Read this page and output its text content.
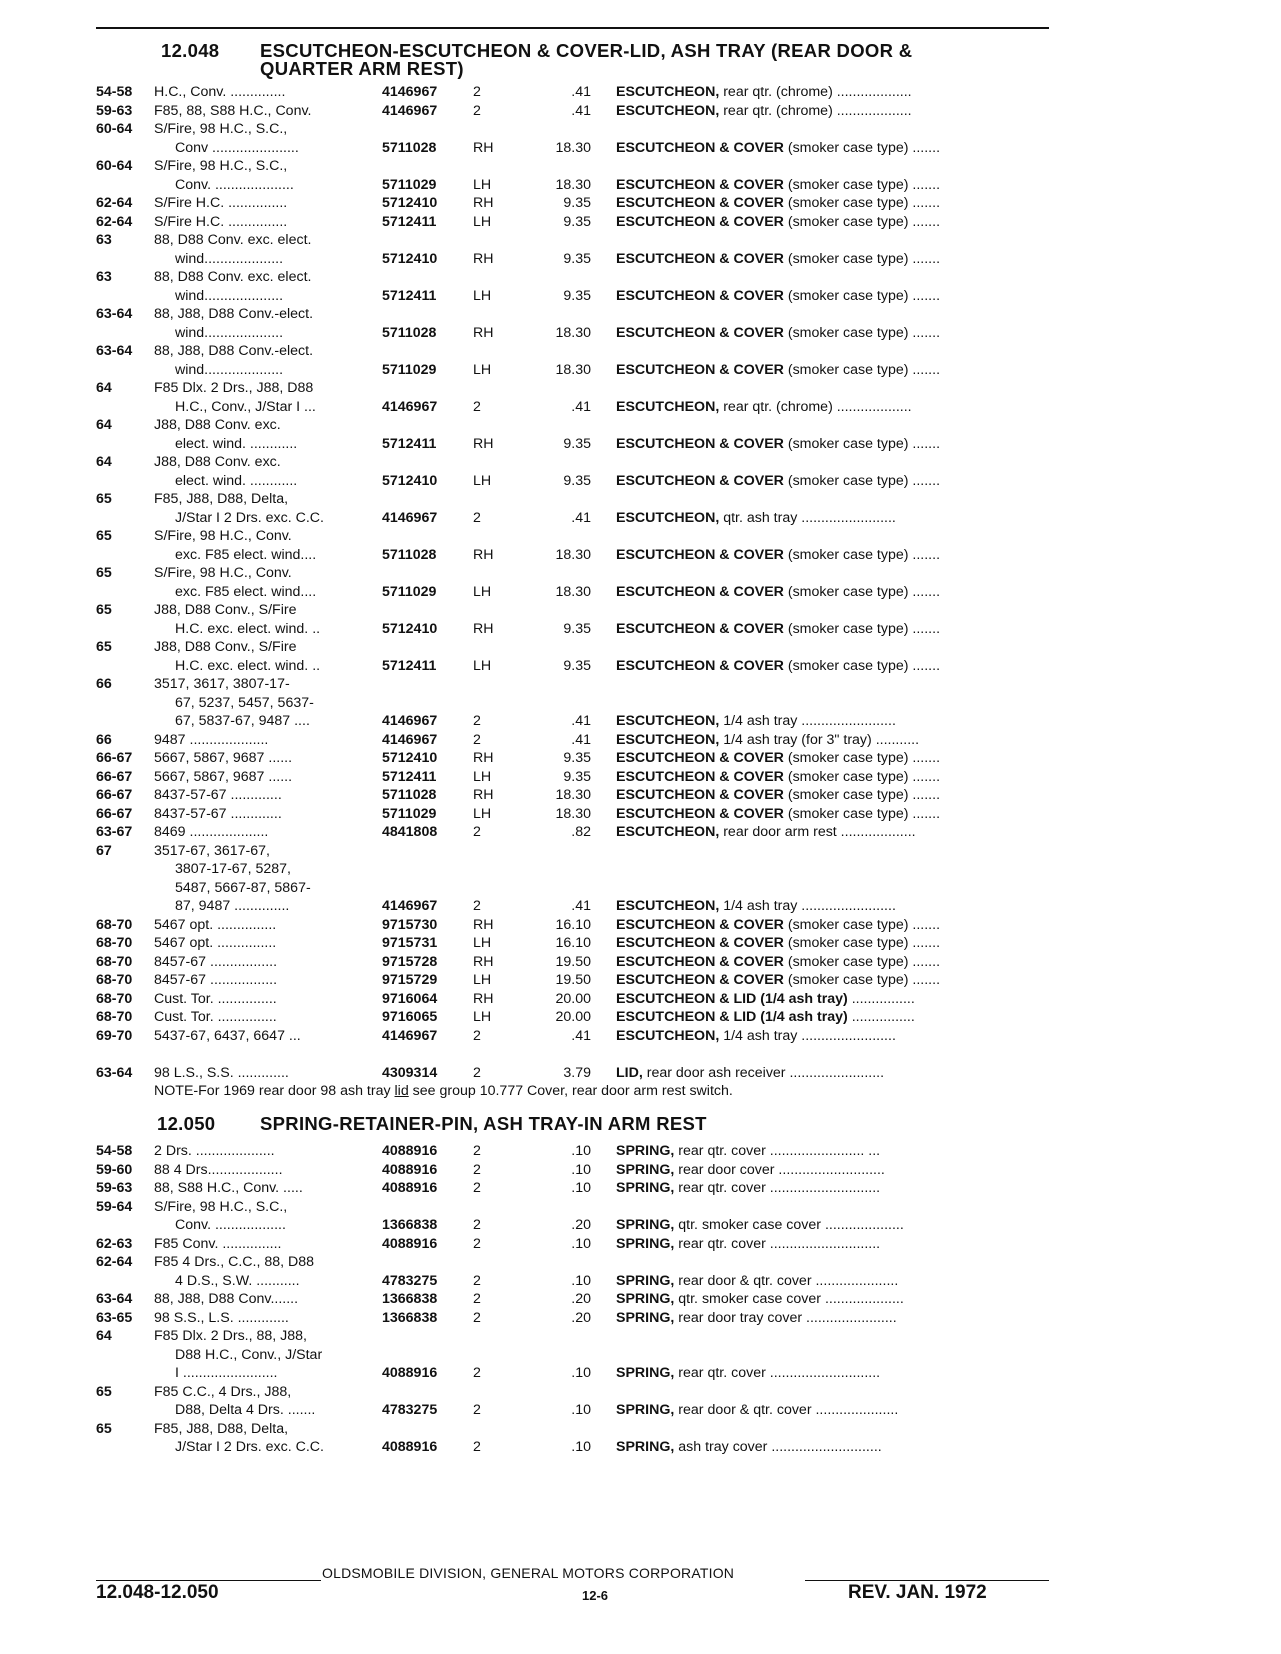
12.048 ESCUTCHEON-ESCUTCHEON & COVER-LID, ASH TRAY (REAR DOOR &
QUARTER ARM REST)
54-58 H.C., Conv. ..............	4146967	2	.41 ESCUTCHEON, rear qtr. (chrome) ...................
59-63 F85, 88, S88 H.C., Conv.	4146967	2	.41 ESCUTCHEON, rear qtr. (chrome) ...................
60-64 S/Fire, 98 H.C., S.C.,
Conv ......................	5711028	RH	18.30 ESCUTCHEON & COVER (smoker case type) .......
60-64 S/Fire, 98 H.C., S.C.,
Conv. ....................	5711029	LH	18.30 ESCUTCHEON & COVER (smoker case type) .......
62-64 S/Fire H.C. ...............	5712410	RH	9.35 ESCUTCHEON & COVER (smoker case type) .......
62-64 S/Fire H.C. ...............	5712411	LH	9.35 ESCUTCHEON & COVER (smoker case type) .......
63	88, D88 Conv. exc. elect.
wind....................	5712410	RH	9.35 ESCUTCHEON & COVER (smoker case type) .......
63	88, D88 Conv. exc. elect.
wind....................	5712411	LH	9.35 ESCUTCHEON & COVER (smoker case type) .......
63-64 88, J88, D88 Conv.-elect.
wind....................	5711028	RH	18.30 ESCUTCHEON & COVER (smoker case type) .......
63-64 88, J88, D88 Conv.-elect.
wind....................	5711029	LH	18.30 ESCUTCHEON & COVER (smoker case type) .......
64	F85 Dlx. 2 Drs., J88, D88
H.C., Conv., J/Star I ...	4146967	2	.41 ESCUTCHEON, rear qtr. (chrome) ...................
64	J88, D88 Conv. exc.
elect. wind. ............	5712411	RH	9.35 ESCUTCHEON & COVER (smoker case type) .......
64	J88, D88 Conv. exc.
elect. wind. ............	5712410	LH	9.35 ESCUTCHEON & COVER (smoker case type) .......
65	F85, J88, D88, Delta,
J/Star I 2 Drs. exc. C.C.	4146967	2	.41 ESCUTCHEON, qtr. ash tray ........................
65	S/Fire, 98 H.C., Conv.
exc. F85 elect. wind....	5711028	RH	18.30 ESCUTCHEON & COVER (smoker case type) .......
65	S/Fire, 98 H.C., Conv.
exc. F85 elect. wind....	5711029	LH	18.30 ESCUTCHEON & COVER (smoker case type) .......
65	J88, D88 Conv., S/Fire
H.C. exc. elect. wind. ..	5712410	RH	9.35 ESCUTCHEON & COVER (smoker case type) .......
65	J88, D88 Conv., S/Fire
H.C. exc. elect. wind. ..	5712411	LH	9.35 ESCUTCHEON & COVER (smoker case type) .......
66	3517, 3617, 3807-17-
67, 5237, 5457, 5637-
67, 5837-67, 9487 ....	4146967	2	.41 ESCUTCHEON, 1/4 ash tray ........................
66	9487 ....................	4146967	2	.41 ESCUTCHEON, 1/4 ash tray (for 3" tray) ...........
66-67 5667, 5867, 9687 ......	5712410	RH	9.35 ESCUTCHEON & COVER (smoker case type) .......
66-67 5667, 5867, 9687 ......	5712411	LH	9.35 ESCUTCHEON & COVER (smoker case type) .......
66-67 8437-57-67 .............	5711028	RH	18.30 ESCUTCHEON & COVER (smoker case type) .......
66-67 8437-57-67 .............	5711029	LH	18.30 ESCUTCHEON & COVER (smoker case type) .......
63-67 8469 ....................	4841808	2	.82 ESCUTCHEON, rear door arm rest ...................
67	3517-67, 3617-67,
3807-17-67, 5287,
5487, 5667-87, 5867-
87, 9487 ..............	4146967	2	.41 ESCUTCHEON, 1/4 ash tray ........................
68-70 5467 opt. ...............	9715730	RH	16.10 ESCUTCHEON & COVER (smoker case type) .......
68-70 5467 opt. ...............	9715731	LH	16.10 ESCUTCHEON & COVER (smoker case type) .......
68-70 8457-67 .................	9715728	RH	19.50 ESCUTCHEON & COVER (smoker case type) .......
68-70 8457-67 .................	9715729	LH	19.50 ESCUTCHEON & COVER (smoker case type) .......
68-70 Cust. Tor. ...............	9716064	RH	20.00 ESCUTCHEON & LID (1/4 ash tray) ................
68-70 Cust. Tor. ...............	9716065	LH	20.00 ESCUTCHEON & LID (1/4 ash tray) ................
69-70 5437-67, 6437, 6647 ...	4146967	2	.41 ESCUTCHEON, 1/4 ash tray ........................
63-64 98 L.S., S.S. .............	4309314	2	3.79 LID, rear door ash receiver ........................
NOTE-For 1969 rear door 98 ash tray lid see group 10.777 Cover, rear door arm rest switch.
12.050 SPRING-RETAINER-PIN, ASH TRAY-IN ARM REST
54-58 2 Drs. ....................	4088916	2	.10 SPRING, rear qtr. cover ........................ ...
59-60 88 4 Drs...................	4088916	2	.10 SPRING, rear door cover ...........................
59-63 88, S88 H.C., Conv. .....	4088916	2	.10 SPRING, rear qtr. cover ............................
59-64 S/Fire, 98 H.C., S.C.,
Conv. ..................	1366838	2	.20 SPRING, qtr. smoker case cover ....................
62-63 F85 Conv. ...............	4088916	2	.10 SPRING, rear qtr. cover ............................
62-64 F85 4 Drs., C.C., 88, D88
4 D.S., S.W. ...........	4783275	2	.10 SPRING, rear door & qtr. cover .....................
63-64 88, J88, D88 Conv.......	1366838	2	.20 SPRING, qtr. smoker case cover ....................
63-65 98 S.S., L.S. .............	1366838	2	.20 SPRING, rear door tray cover .......................
64	F85 Dlx. 2 Drs., 88, J88,
D88 H.C., Conv., J/Star
I ........................	4088916	2	.10 SPRING, rear qtr. cover ............................
65	F85 C.C., 4 Drs., J88,
D88, Delta 4 Drs. .......	4783275	2	.10 SPRING, rear door & qtr. cover .....................
65	F85, J88, D88, Delta,
J/Star I 2 Drs. exc. C.C.	4088916	2	.10 SPRING, ash tray cover ............................
OLDSMOBILE DIVISION, GENERAL MOTORS CORPORATION
12.048-12.050	12-6	REV. JAN. 1972
